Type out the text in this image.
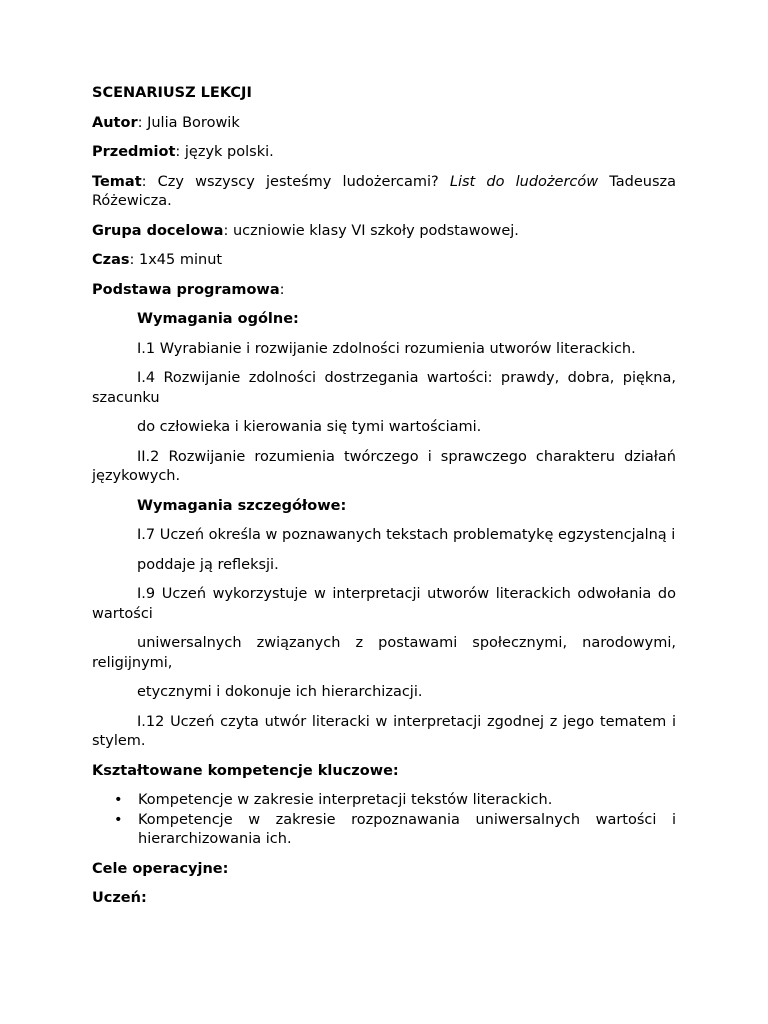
SCENARIUSZ LEKCJI

Autor: Julia Borowik

Przedmiot: język polski.

Temat: Czy wszyscy jesteśmy ludożercami? List do ludożerców Tadeusza Różewicza.

Grupa docelowa: uczniowie klasy VI szkoły podstawowej.

Czas: 1x45 minut

Podstawa programowa:

Wymagania ogólne:

I.1 Wyrabianie i rozwijanie zdolności rozumienia utworów literackich.

I.4 Rozwijanie zdolności dostrzegania wartości: prawdy, dobra, piękna, szacunku

do człowieka i kierowania się tymi wartościami.

II.2 Rozwijanie rozumienia twórczego i sprawczego charakteru działań językowych.

Wymagania szczegółowe:

I.7 Uczeń określa w poznawanych tekstach problematykę egzystencjalną i

poddaje ją refleksji.

I.9 Uczeń wykorzystuje w interpretacji utworów literackich odwołania do wartości

uniwersalnych związanych z postawami społecznymi, narodowymi, religijnymi,

etycznymi i dokonuje ich hierarchizacji.

I.12 Uczeń czyta utwór literacki w interpretacji zgodnej z jego tematem i stylem.

Kształtowane kompetencje kluczowe:

• Kompetencje w zakresie interpretacji tekstów literackich.
• Kompetencje w zakresie rozpoznawania uniwersalnych wartości i hierarchizowania ich.

Cele operacyjne:

Uczeń:
